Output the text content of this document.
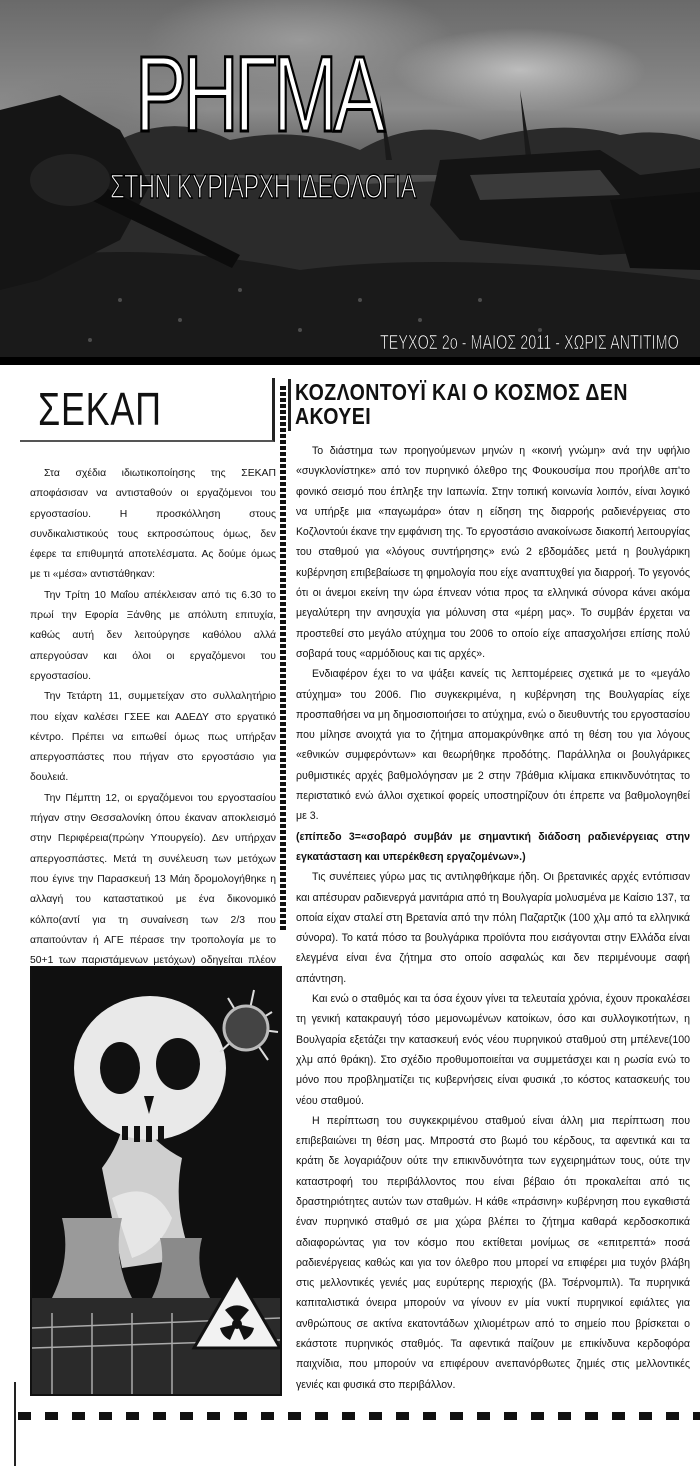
ΡΗΓΜΑ
ΣΤΗΝ ΚΥΡΙΑΡΧΗ ΙΔΕΟΛΟΓΙΑ
ΤΕΥΧΟΣ 2ο - ΜΑΙΟΣ 2011 - ΧΩΡΙΣ ΑΝΤΙΤΙΜΟ
ΣΕΚΑΠ

Στα σχέδια ιδιωτικοποίησης της ΣΕΚΑΠ αποφάσισαν να αντισταθούν οι εργαζόμενοι του εργοστασίου. Η προσκόλληση στους συνδικαλιστικούς τους εκπροσώπους όμως, δεν έφερε τα επιθυμητά αποτελέσματα. Ας δούμε όμως με τι «μέσα» αντιστάθηκαν:

Την Τρίτη 10 Μαΐου απέκλεισαν από τις 6.30 το πρωί την Εφορία Ξάνθης με απόλυτη επιτυχία, καθώς αυτή δεν λειτούργησε καθόλου αλλά απεργούσαν και όλοι οι εργαζόμενοι του εργοστασίου.

Την Τετάρτη 11, συμμετείχαν στο συλλαλητήριο που είχαν καλέσει ΓΣΕΕ και ΑΔΕΔΥ στο εργατικό κέντρο. Πρέπει να ειπωθεί όμως πως υπήρξαν απεργοσπάστες που πήγαν στο εργοστάσιο για δουλειά.

Την Πέμπτη 12, οι εργαζόμενοι του εργοστασίου πήγαν στην Θεσσαλονίκη όπου έκαναν αποκλεισμό στην Περιφέρεια(πρώην Υπουργείο). Δεν υπήρχαν απεργοσπάστες. Μετά τη συνέλευση των μετόχων που έγινε την Παρασκευή 13 Μάη δρομολογήθηκε η αλλαγή του καταστατικού με ένα δικονομικό κόλπο(αντί για τη συναίνεση των 2/3 που απαιτούνταν ή ΑΓΕ πέρασε την τροπολογία με το 50+1 των παριστάμενων μετόχων) οδηγείται πλέον

ΚΟΖΛΟΝΤΟΥΪ ΚΑΙ Ο ΚΟΣΜΟΣ ΔΕΝ ΑΚΟΥΕΙ

Το διάστημα των προηγούμενων μηνών η «κοινή γνώμη» ανά την υφήλιο «συγκλονίστηκε» από τον πυρηνικό όλεθρο της Φουκουσίμα που προήλθε απ'το φονικό σεισμό που έπληξε την Ιαπωνία. Στην τοπική κοινωνία λοιπόν, είναι λογικό να υπήρξε μια «παγωμάρα» όταν η είδηση της διαρροής ραδιενέργειας στο Κοζλοντούι έκανε την εμφάνιση της. Το εργοστάσιο ανακοίνωσε διακοπή λειτουργίας του σταθμού για «λόγους συντήρησης» ενώ 2 εβδομάδες μετά η βουλγάρικη κυβέρνηση επιβεβαίωσε τη φημολογία που είχε αναπτυχθεί για διαρροή. Το γεγονός ότι οι άνεμοι εκείνη την ώρα έπνεαν νότια προς τα ελληνικά σύνορα κάνει ακόμα μεγαλύτερη την ανησυχία για μόλυνση στα «μέρη μας». Το συμβάν έρχεται να προστεθεί στο μεγάλο ατύχημα του 2006 το οποίο είχε απασχολήσει επίσης πολύ σοβαρά τους «αρμόδιους και τις αρχές».

Ενδιαφέρον έχει το να ψάξει κανείς τις λεπτομέρειες σχετικά με το «μεγάλο ατύχημα» του 2006. Πιο συγκεκριμένα, η κυβέρνηση της Βουλγαρίας είχε προσπαθήσει να μη δημοσιοποιήσει το ατύχημα, ενώ ο διευθυντής του εργοστασίου που μίλησε ανοιχτά για το ζήτημα απομακρύνθηκε από τη θέση του για λόγους «εθνικών συμφερόντων» και θεωρήθηκε προδότης. Παράλληλα οι βουλγάρικες ρυθμιστικές αρχές βαθμολόγησαν με 2 στην 7βάθμια κλίμακα επικινδυνότητας το περιστατικό ενώ άλλοι σχετικοί φορείς υποστηρίζουν ότι έπρεπε να βαθμολογηθεί με 3.

(επίπεδο 3=«σοβαρό συμβάν με σημαντική διάδοση ραδιενέργειας στην εγκατάσταση και υπερέκθεση εργαζομένων».)

Τις συνέπειες γύρω μας τις αντιληφθήκαμε ήδη. Οι βρετανικές αρχές εντόπισαν και απέσυραν ραδιενεργά μανιτάρια από τη Βουλγαρία μολυσμένα με Καίσιο 137, τα οποία είχαν σταλεί στη Βρετανία από την πόλη Παζαρτζικ (100 χλμ από τα ελληνικά σύνορα). Το κατά πόσο τα βουλγάρικα προϊόντα που εισάγονται στην Ελλάδα είναι ελεγμένα είναι ένα ζήτημα στο οποίο ασφαλώς και δεν περιμένουμε σαφή απάντηση.

Και ενώ ο σταθμός και τα όσα έχουν γίνει τα τελευταία χρόνια, έχουν προκαλέσει τη γενική κατακραυγή τόσο μεμονωμένων κατοίκων, όσο και συλλογικοτήτων, η Βουλγαρία εξετάζει την κατασκευή ενός νέου πυρηνικού σταθμού στη μπέλενε(100 χλμ από θράκη). Στο σχέδιο προθυμοποιείται να συμμετάσχει και η ρωσία ενώ το μόνο που προβληματίζει τις κυβερνήσεις είναι φυσικά ,το κόστος κατασκευής του νέου σταθμού.

Η περίπτωση του συγκεκριμένου σταθμού είναι άλλη μια περίπτωση που επιβεβαιώνει τη θέση μας. Μπροστά στο βωμό του κέρδους, τα αφεντικά και τα κράτη δε λογαριάζουν ούτε την επικινδυνότητα των εγχειρημάτων τους, ούτε την καταστροφή του περιβάλλοντος που είναι βέβαιο ότι προκαλείται από τις δραστηριότητες αυτών των σταθμών. Η κάθε «πράσινη» κυβέρνηση που εγκαθιστά έναν πυρηνικό σταθμό σε μια χώρα βλέπει το ζήτημα καθαρά κερδοσκοπικά αδιαφορώντας για τον κόσμο που εκτίθεται μονίμως σε «επιτρεπτά» ποσά ραδιενέργειας καθώς και για τον όλεθρο που μπορεί να επιφέρει μια τυχόν βλάβη στις μελλοντικές γενιές μας ευρύτερης περιοχής (βλ. Τσέρνομπιλ). Τα πυρηνικά καπιταλιστικά όνειρα μπορούν να γίνουν εν μία νυκτί πυρηνικοί εφιάλτες για ανθρώπους σε ακτίνα εκατοντάδων χιλιομέτρων από το σημείο που βρίσκεται ο εκάστοτε πυρηνικός σταθμός. Τα αφεντικά παίζουν με επικίνδυνα κερδοφόρα παιχνίδια, που μπορούν να επιφέρουν ανεπανόρθωτες ζημιές στις μελλοντικές γενιές και φυσικά στο περιβάλλον.
